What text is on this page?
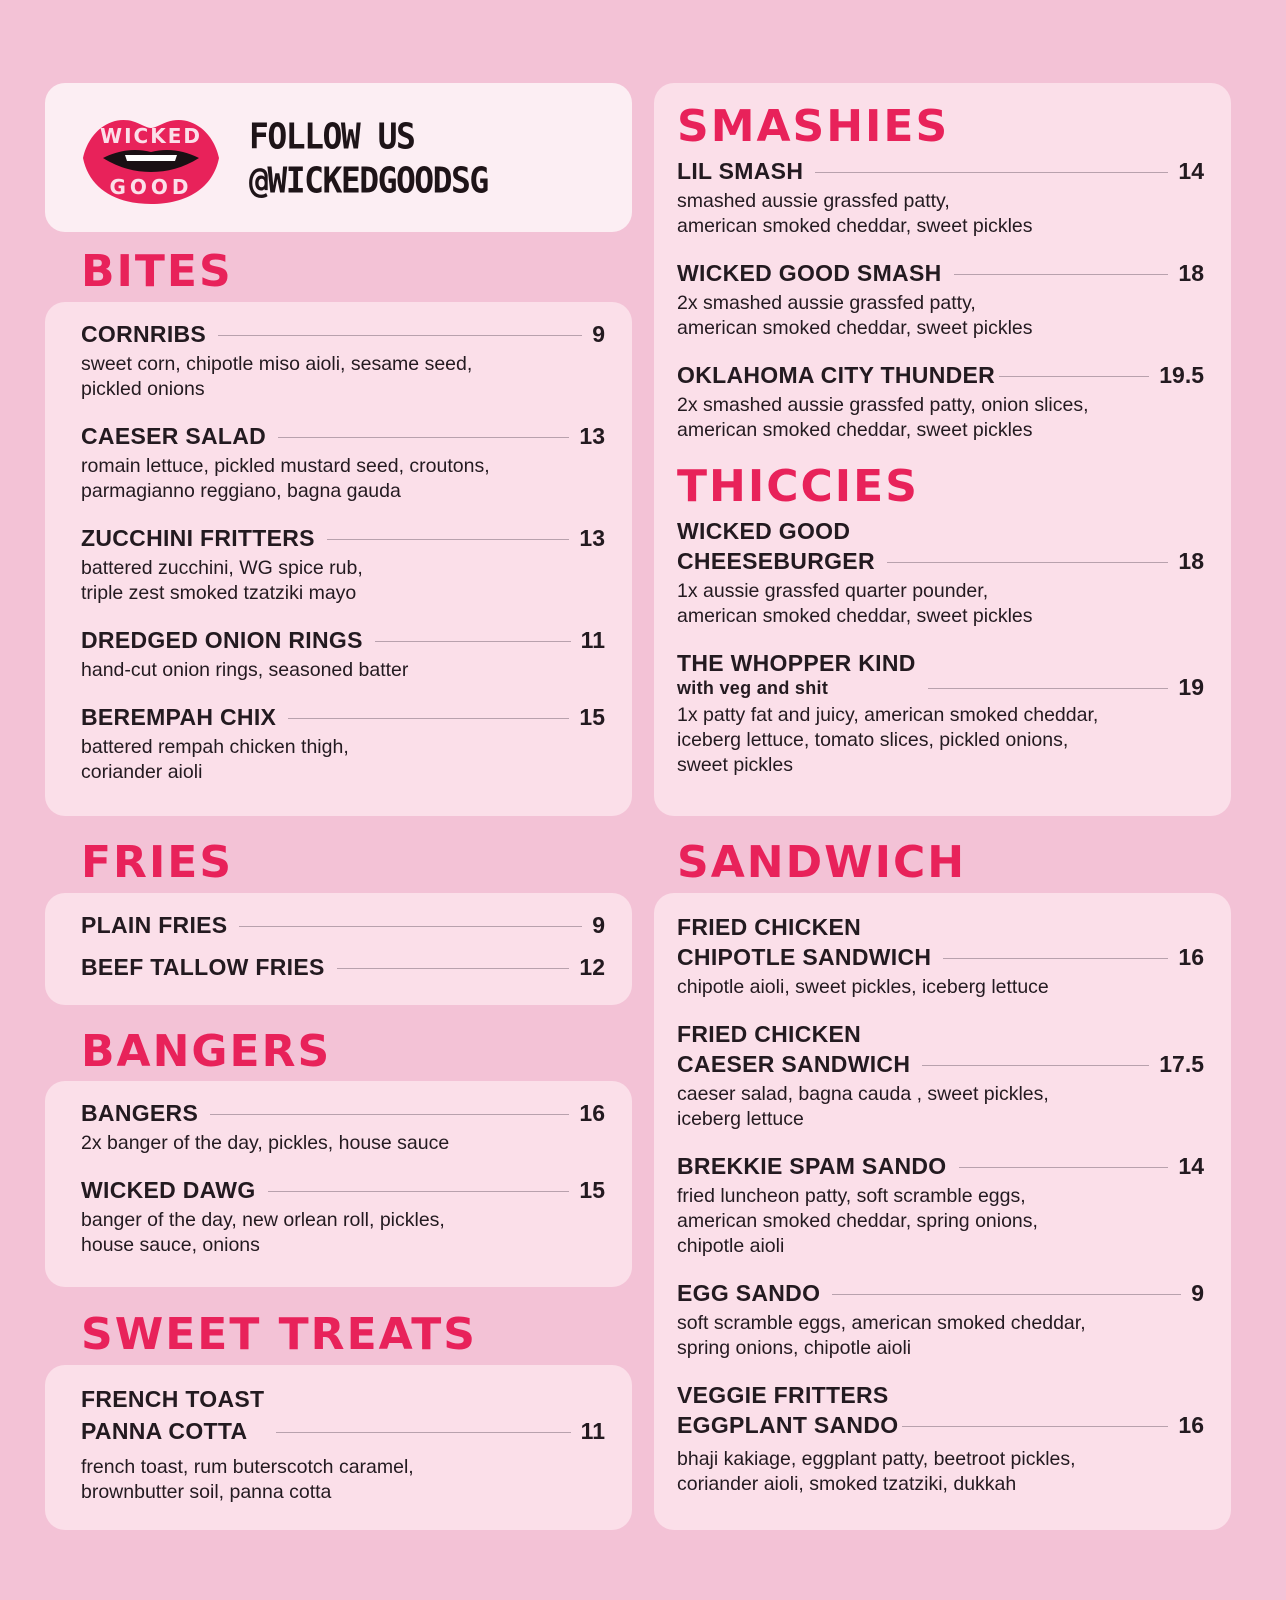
WICKED
GOOD
FOLLOW US
@WICKEDGOODSG
BITES
CORNRIBS	9
sweet corn, chipotle miso aioli, sesame seed,
pickled onions
CAESER SALAD	13
romain lettuce, pickled mustard seed, croutons,
parmagianno reggiano, bagna gauda
ZUCCHINI FRITTERS	13
battered zucchini, WG spice rub,
triple zest smoked tzatziki mayo
DREDGED ONION RINGS	11
hand-cut onion rings, seasoned batter
BEREMPAH CHIX	15
battered rempah chicken thigh,
coriander aioli
FRIES
PLAIN FRIES	9
BEEF TALLOW FRIES	12
BANGERS
BANGERS	16
2x banger of the day, pickles, house sauce
WICKED DAWG	15
banger of the day, new orlean roll, pickles,
house sauce, onions
SWEET TREATS
FRENCH TOAST
PANNA COTTA	11
french toast, rum buterscotch caramel,
brownbutter soil, panna cotta
SMASHIES
LIL SMASH	14
smashed aussie grassfed patty,
american smoked cheddar, sweet pickles
WICKED GOOD SMASH	18
2x smashed aussie grassfed patty,
american smoked cheddar, sweet pickles
OKLAHOMA CITY THUNDER	19.5
2x smashed aussie grassfed patty, onion slices,
american smoked cheddar, sweet pickles
THICCIES
WICKED GOOD
CHEESEBURGER	18
1x aussie grassfed quarter pounder,
american smoked cheddar, sweet pickles
THE WHOPPER KIND
with veg and shit	19
1x patty fat and juicy, american smoked cheddar,
iceberg lettuce, tomato slices, pickled onions,
sweet pickles
SANDWICH
FRIED CHICKEN
CHIPOTLE SANDWICH	16
chipotle aioli, sweet pickles, iceberg lettuce
FRIED CHICKEN
CAESER SANDWICH	17.5
caeser salad, bagna cauda , sweet pickles,
iceberg lettuce
BREKKIE SPAM SANDO	14
fried luncheon patty, soft scramble eggs,
american smoked cheddar, spring onions,
chipotle aioli
EGG SANDO	9
soft scramble eggs, american smoked cheddar,
spring onions, chipotle aioli
VEGGIE FRITTERS
EGGPLANT SANDO	16
bhaji kakiage, eggplant patty, beetroot pickles,
coriander aioli, smoked tzatziki, dukkah
